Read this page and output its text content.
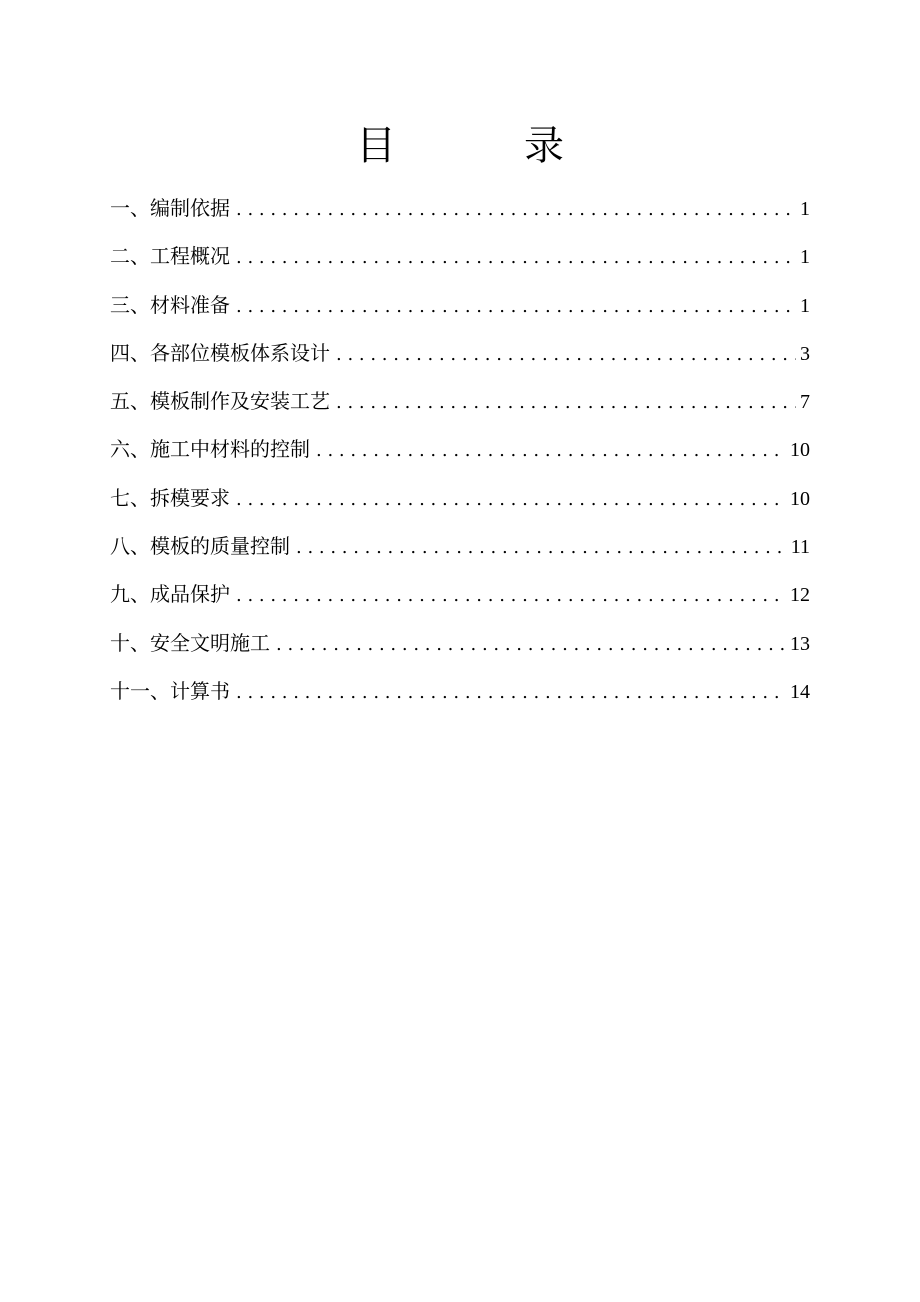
目　录
一、编制依据 . . .	1
二、工程概况 . . .	1
三、材料准备 . . .	1
四、各部位模板体系设计 . . .	3
五、模板制作及安装工艺 . . .	7
六、施工中材料的控制 . . .	10
七、拆模要求 . . .	10
八、模板的质量控制 . . .	11
九、成品保护 . . .	12
十、安全文明施工 . . .	13
十一、计算书 . . .	14
